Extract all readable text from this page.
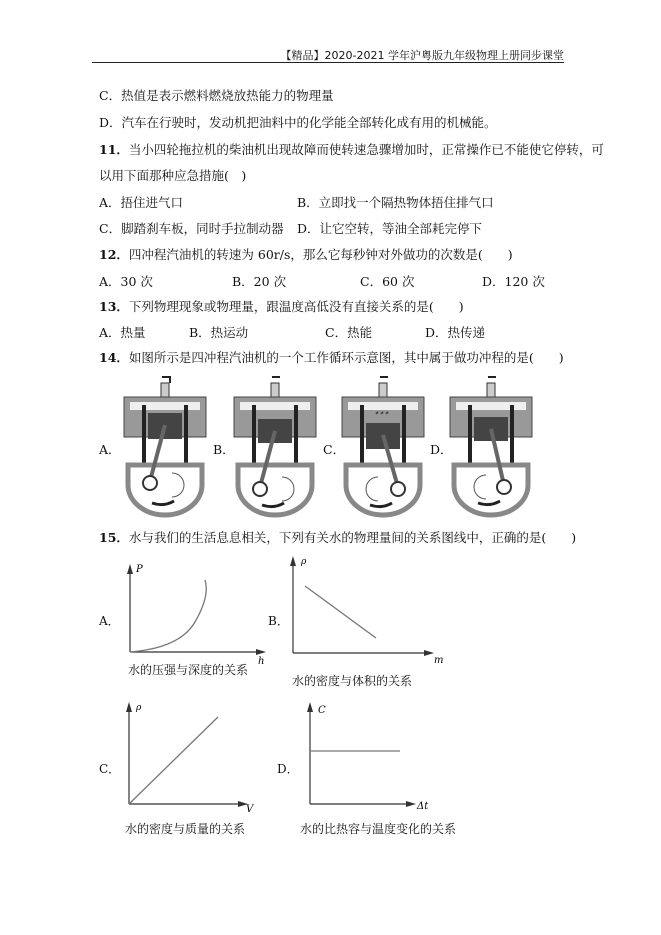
【精品】2020-2021 学年沪粤版九年级物理上册同步课堂
C．热值是表示燃料燃烧放热能力的物理量
D．汽车在行驶时，发动机把油料中的化学能全部转化成有用的机械能。
11．当小四轮拖拉机的柴油机出现故障而使转速急骤增加时，正常操作已不能使它停转，可
以用下面那种应急措施(　)
A．捂住进气口	B．立即找一个隔热物体捂住排气口
C．脚踏刹车板，同时手拉制动器 D．让它空转，等油全部耗完停下
12．四冲程汽油机的转速为 60r/s，那么它每秒钟对外做功的次数是(　　)
A．30 次	B．20 次	C．60 次	D．120 次
13．下列物理现象或物理量，跟温度高低没有直接关系的是(　　)
A．热量	B．热运动	C．热能	D．热传递
14．如图所示是四冲程汽油机的一个工作循环示意图，其中属于做功冲程的是(　　)
A．	B．	C．	D．
✶✶✶
15．水与我们的生活息息相关，下列有关水的物理量间的关系图线中，正确的是(　　)
A．
P
h
水的压强与深度的关系
B．
ρ
m
水的密度与体积的关系
C．
ρ
V
水的密度与质量的关系
D．
C
Δt
水的比热容与温度变化的关系
